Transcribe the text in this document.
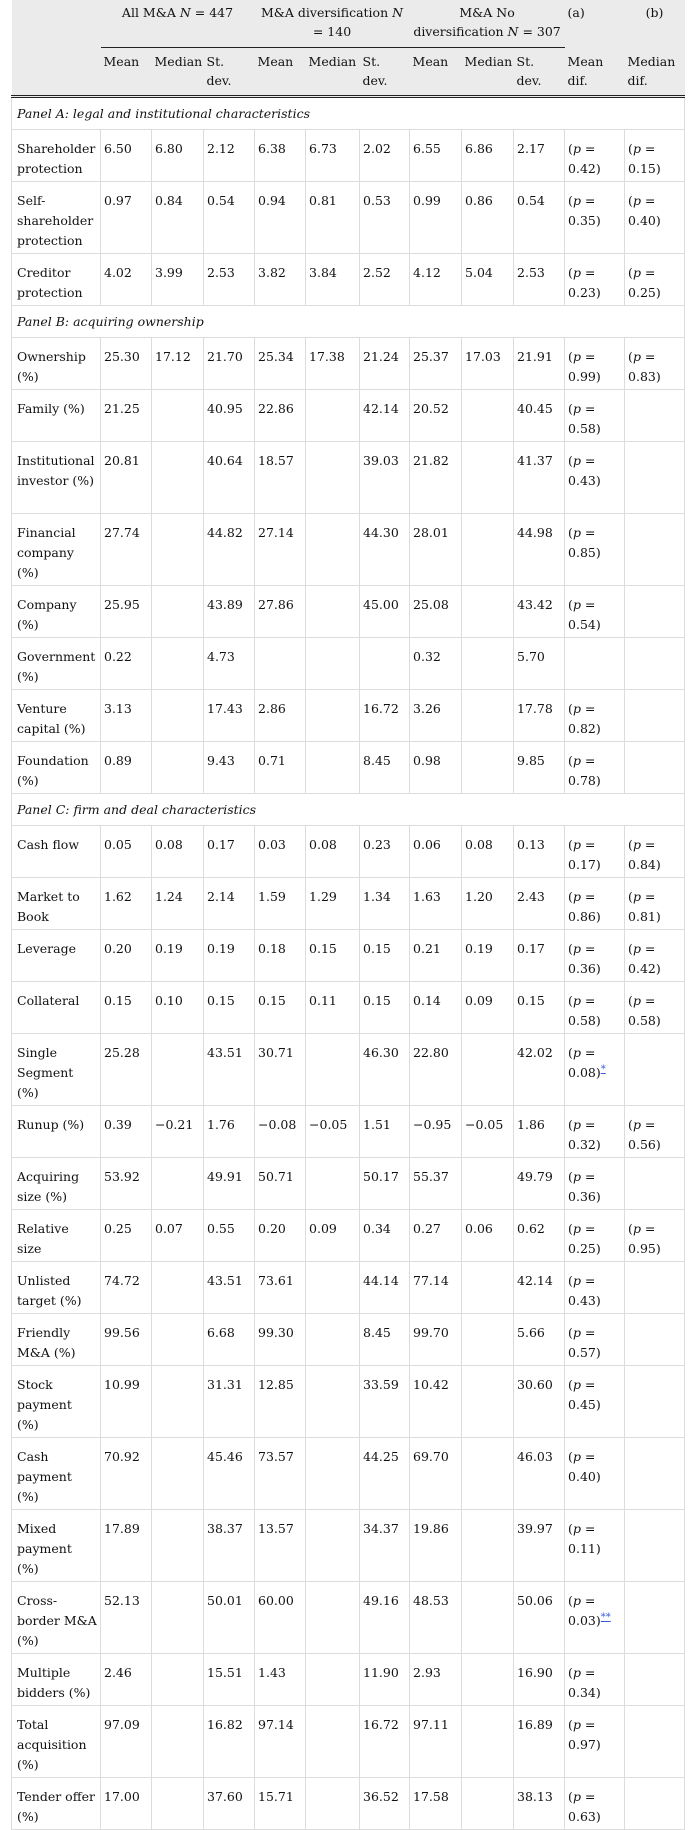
	All M&A N = 447			M&A diversification N = 140			M&A No diversification N = 307			(a)	(b)
	Mean	Median	St. dev.	Mean	Median	St. dev.	Mean	Median	St. dev.	Mean dif.	Median dif.
Panel A: legal and institutional characteristics											
Shareholder protection	6.50	6.80	2.12	6.38	6.73	2.02	6.55	6.86	2.17	(p = 0.42)	(p = 0.15)
Self-shareholder protection	0.97	0.84	0.54	0.94	0.81	0.53	0.99	0.86	0.54	(p = 0.35)	(p = 0.40)
Creditor protection	4.02	3.99	2.53	3.82	3.84	2.52	4.12	5.04	2.53	(p = 0.23)	(p = 0.25)
Panel B: acquiring ownership											
Ownership (%)	25.30	17.12	21.70	25.34	17.38	21.24	25.37	17.03	21.91	(p = 0.99)	(p = 0.83)
Family (%)	21.25		40.95	22.86		42.14	20.52		40.45	(p = 0.58)	
Institutional investor (%)	20.81		40.64	18.57		39.03	21.82		41.37	(p = 0.43)	
Financial company (%)	27.74		44.82	27.14		44.30	28.01		44.98	(p = 0.85)	
Company (%)	25.95		43.89	27.86		45.00	25.08		43.42	(p = 0.54)	
Government (%)	0.22		4.73				0.32		5.70		
Venture capital (%)	3.13		17.43	2.86		16.72	3.26		17.78	(p = 0.82)	
Foundation (%)	0.89		9.43	0.71		8.45	0.98		9.85	(p = 0.78)	
Panel C: firm and deal characteristics											
Cash flow	0.05	0.08	0.17	0.03	0.08	0.23	0.06	0.08	0.13	(p = 0.17)	(p = 0.84)
Market to Book	1.62	1.24	2.14	1.59	1.29	1.34	1.63	1.20	2.43	(p = 0.86)	(p = 0.81)
Leverage	0.20	0.19	0.19	0.18	0.15	0.15	0.21	0.19	0.17	(p = 0.36)	(p = 0.42)
Collateral	0.15	0.10	0.15	0.15	0.11	0.15	0.14	0.09	0.15	(p = 0.58)	(p = 0.58)
Single Segment (%)	25.28		43.51	30.71		46.30	22.80		42.02	(p = 0.08)*	
Runup (%)	0.39	−0.21	1.76	−0.08	−0.05	1.51	−0.95	−0.05	1.86	(p = 0.32)	(p = 0.56)
Acquiring size (%)	53.92		49.91	50.71		50.17	55.37		49.79	(p = 0.36)	
Relative size	0.25	0.07	0.55	0.20	0.09	0.34	0.27	0.06	0.62	(p = 0.25)	(p = 0.95)
Unlisted target (%)	74.72		43.51	73.61		44.14	77.14		42.14	(p = 0.43)	
Friendly M&A (%)	99.56		6.68	99.30		8.45	99.70		5.66	(p = 0.57)	
Stock payment (%)	10.99		31.31	12.85		33.59	10.42		30.60	(p = 0.45)	
Cash payment (%)	70.92		45.46	73.57		44.25	69.70		46.03	(p = 0.40)	
Mixed payment (%)	17.89		38.37	13.57		34.37	19.86		39.97	(p = 0.11)	
Cross-border M&A (%)	52.13		50.01	60.00		49.16	48.53		50.06	(p = 0.03)**	
Multiple bidders (%)	2.46		15.51	1.43		11.90	2.93		16.90	(p = 0.34)	
Total acquisition (%)	97.09		16.82	97.14		16.72	97.11		16.89	(p = 0.97)	
Tender offer (%)	17.00		37.60	15.71		36.52	17.58		38.13	(p = 0.63)	
